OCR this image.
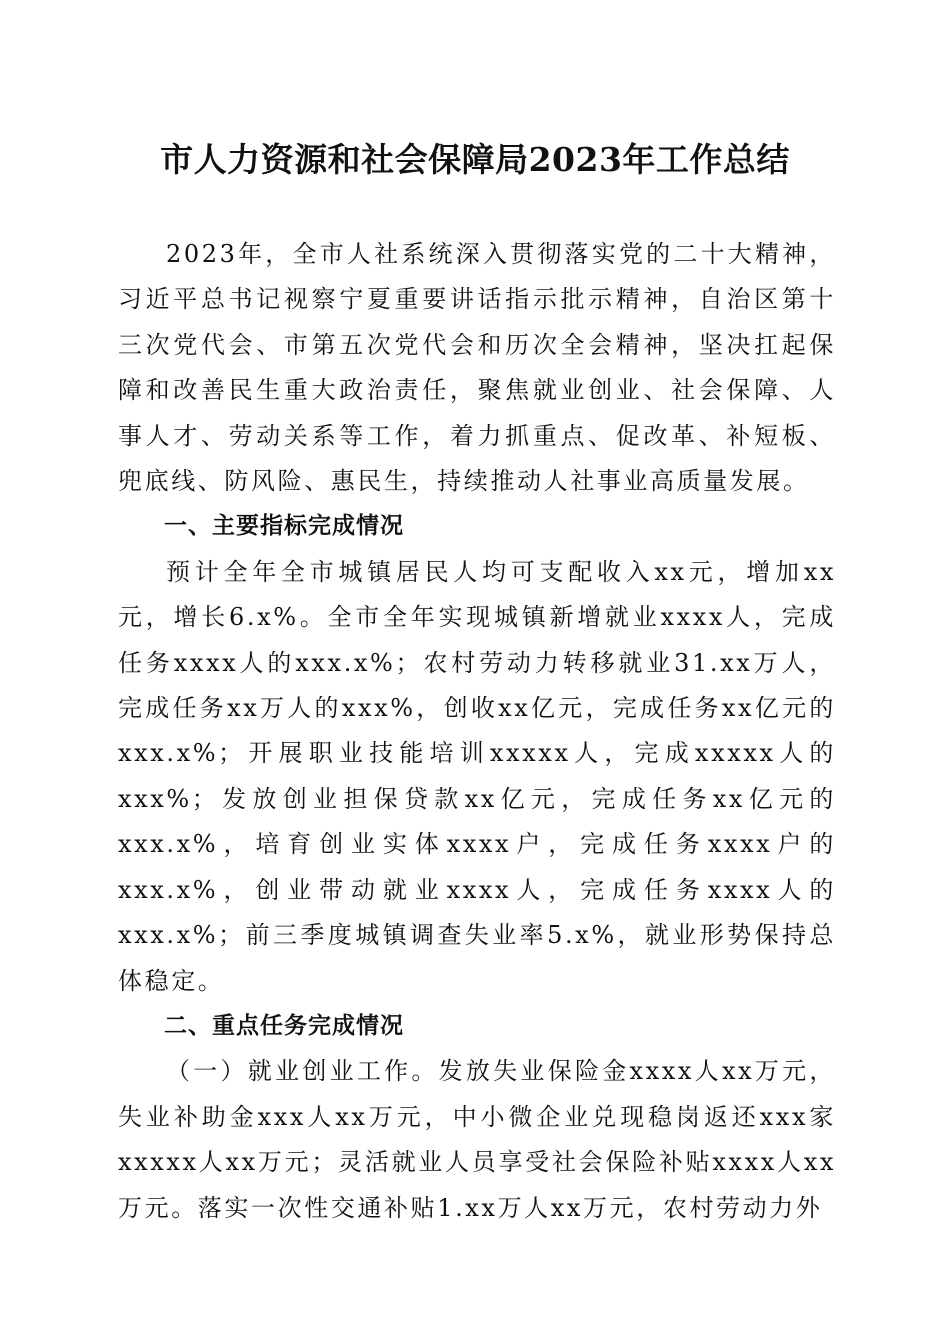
市人力资源和社会保障局2023年工作总结

2023年，全市人社系统深入贯彻落实党的二十大精神，习近平总书记视察宁夏重要讲话指示批示精神，自治区第十三次党代会、市第五次党代会和历次全会精神，坚决扛起保障和改善民生重大政治责任，聚焦就业创业、社会保障、人事人才、劳动关系等工作，着力抓重点、促改革、补短板、兜底线、防风险、惠民生，持续推动人社事业高质量发展。

一、主要指标完成情况

预计全年全市城镇居民人均可支配收入xx元，增加xx元，增长6.x%。全市全年实现城镇新增就业xxxx人，完成任务xxxx人的xxx.x%；农村劳动力转移就业31.xx万人，完成任务xx万人的xxx%，创收xx亿元，完成任务xx亿元的xxx.x%；开展职业技能培训xxxxx人，完成xxxxx人的xxx%；发放创业担保贷款xx亿元，完成任务xx亿元的xxx.x%，培育创业实体xxxx户，完成任务xxxx户的xxx.x%，创业带动就业xxxx人，完成任务xxxx人的xxx.x%；前三季度城镇调查失业率5.x%，就业形势保持总体稳定。

二、重点任务完成情况

（一）就业创业工作。发放失业保险金xxxx人xx万元，失业补助金xxx人xx万元，中小微企业兑现稳岗返还xxx家xxxxx人xx万元；灵活就业人员享受社会保险补贴xxxx人xx万元。落实一次性交通补贴1.xx万人xx万元，农村劳动力外
